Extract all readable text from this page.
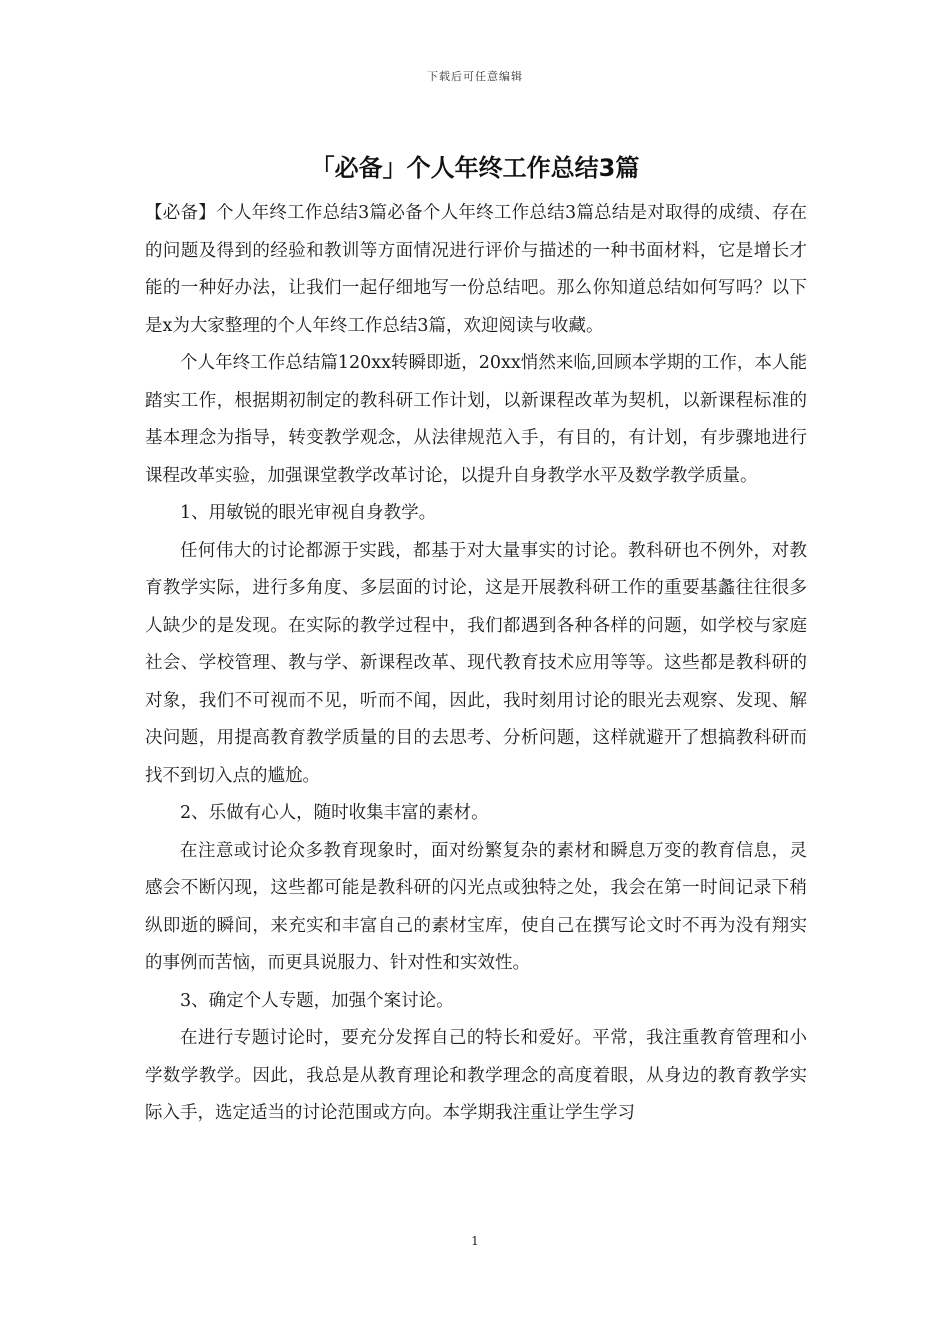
下载后可任意编辑
「必备」个人年终工作总结3篇

【必备】个人年终工作总结3篇必备个人年终工作总结3篇总结是对取得的成绩、存在的问题及得到的经验和教训等方面情况进行评价与描述的一种书面材料，它是增长才能的一种好办法，让我们一起仔细地写一份总结吧。那么你知道总结如何写吗？以下是x为大家整理的个人年终工作总结3篇，欢迎阅读与收藏。

个人年终工作总结篇120xx转瞬即逝，20xx悄然来临,回顾本学期的工作，本人能踏实工作，根据期初制定的教科研工作计划，以新课程改革为契机，以新课程标准的基本理念为指导，转变教学观念，从法律规范入手，有目的，有计划，有步骤地进行课程改革实验，加强课堂教学改革讨论，以提升自身教学水平及数学教学质量。

1、用敏锐的眼光审视自身教学。

任何伟大的讨论都源于实践，都基于对大量事实的讨论。教科研也不例外，对教育教学实际，进行多角度、多层面的讨论，这是开展教科研工作的重要基蠡往往很多人缺少的是发现。在实际的教学过程中，我们都遇到各种各样的问题，如学校与家庭社会、学校管理、教与学、新课程改革、现代教育技术应用等等。这些都是教科研的对象，我们不可视而不见，听而不闻，因此，我时刻用讨论的眼光去观察、发现、解决问题，用提高教育教学质量的目的去思考、分析问题，这样就避开了想搞教科研而找不到切入点的尴尬。

2、乐做有心人，随时收集丰富的素材。

在注意或讨论众多教育现象时，面对纷繁复杂的素材和瞬息万变的教育信息，灵感会不断闪现，这些都可能是教科研的闪光点或独特之处，我会在第一时间记录下稍纵即逝的瞬间，来充实和丰富自己的素材宝库，使自己在撰写论文时不再为没有翔实的事例而苦恼，而更具说服力、针对性和实效性。

3、确定个人专题，加强个案讨论。

在进行专题讨论时，要充分发挥自己的特长和爱好。平常，我注重教育管理和小学数学教学。因此，我总是从教育理论和教学理念的高度着眼，从身边的教育教学实际入手，选定适当的讨论范围或方向。本学期我注重让学生学习

1
